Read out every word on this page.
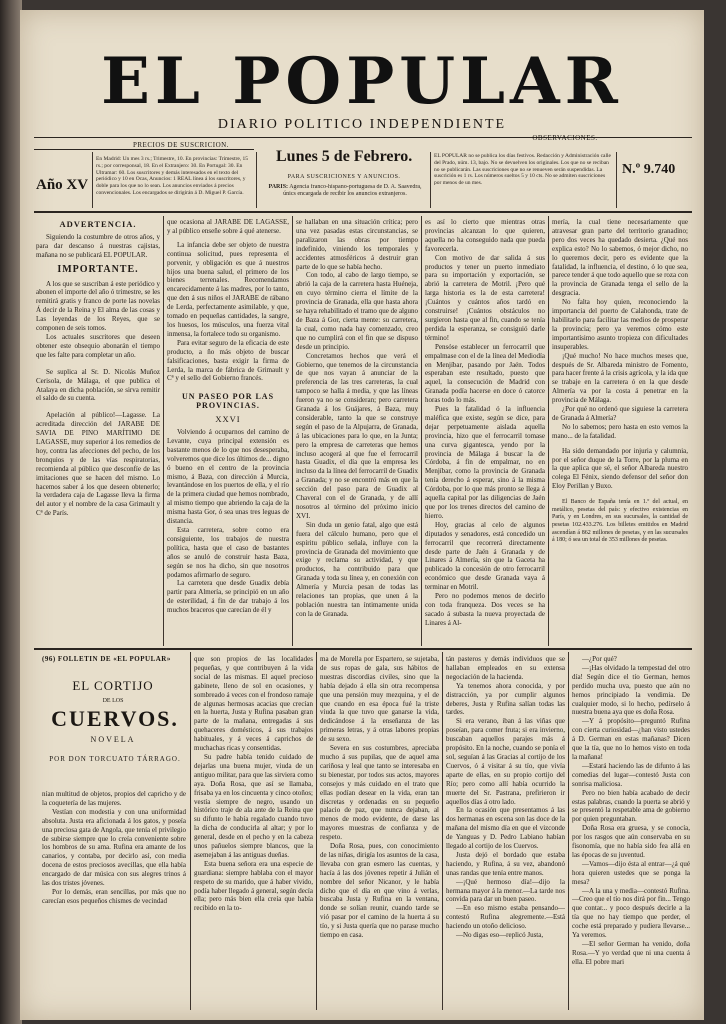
EL POPULAR
DIARIO POLITICO INDEPENDIENTE
PRECIOS DE SUSCRICION.
Lunes 5 de Febrero.
OBSERVACIONES.
Año XV
En Madrid: Un mes 3 rs.; Trimestre, 10. En provincias: Trimestre, 15 rs.; por corresponsal, 18. En el Extranjero: 30. En Portugal: 30. En Ultramar: 60. Los suscritores y demás interesados en el texto del periódico y 10 en Ocas, Anuncios: 1 REAL línea á los suscritores, y doble para los que no lo sean. Los anuncios enviados á precios convencionales. Los encargados se dirigirán á D. Miguel P. García.
PARA SUSCRICIONES Y ANUNCIOS.
PARIS: Agencia franco-hispano-portuguesa de D. A. Saavedra, únics encargada de recibir los anuncios extranjeros.
EL POPULAR no se publica los días festivos. Redacción y Administración calle del Prado, núm. 13, bajo. No se devuelven los originales. Los que no se reciban no se publicarán. Las suscriciones que no se renueven serán suspendidas. La suscrición es 1 rs. Los números sueltos 5 y 10 cts. No se admiten suscriciones por menos de un mes.
N.º 9.740
ADVERTENCIA.
Siguiendo la costumbre de otros años, y para dar descanso á nuestras cajistas, mañana no se publicará EL POPULAR.
IMPORTANTE.
A los que se suscriban á este periódico y abonen el importe del año ó trimestre, se les remitirá gratis y franco de porte las novelas Á decir de la Reina y El alma de las cosas y Las leyendas de los Reyes, que se componen de seis tomos.
Los actuales suscritores que deseen obtener este obsequio abonarán el tiempo que les falte para completar un año.
Se suplica al Sr. D. Nicolás Muñoz Cerisola, de Málaga, el que publica el Atalaya en dicha población, se sirva remitir el saldo de su cuenta.
Apelación al público!—Lagasse. La acreditada dirección del JARABE DE SAVIA DE PINO MARÍTIMO DE LAGASSE, muy superior á los remedios de hoy, contra las afecciones del pecho, de los bronquios y de las vías respiratorias, recomienda al público que desconfíe de las imitaciones que se hacen del mismo. Lo hacemos saber á los que deseen obtenerlo; la verdadera caja de Lagasse lleva la firma del autor y el nombre de la casa Grimault y Cª de París.
que ocasiona al JARABE DE LAGASSE, y al público enseñe sobre á qué atenerse.
La infancia debe ser objeto de nuestra continua solicitud, pues representa el porvenir, y obligación es que á nuestros hijos una buena salud, el primero de los bienes terrenales. Recomendamos encarecidamente á las madres, por lo tanto, que den á sus niños el JARABE de rábano de Lerda, perfectamente asimilable, y que, tomado en pequeñas cantidades, la sangre, los huesos, los músculos, una fuerza vital inmensa, la fortalece todo su organismo.
Para evitar seguro de la eficacia de este producto, a ño más objeto de buscar falsificaciones, basta exigir la firma de Lerda, la marca de fábrica de Grimault y Cª y el sello del Gobierno francés.
UN PASEO POR LAS PROVINCIAS.
XXVI
Volviendo á ocuparnos del camino de Levante, cuya principal extensión es bastante menos de lo que nos desesperaba, volveremos que dice los últimos de... digno ó bueno en el centro de la provincia mismo, á Baza, con dirección á Murcia, levantándose en los puertos de ella, y el río de la primera ciudad que hemos nombrado, al mismo tiempo que abriendo la caja de la misma hasta Gor, ó sea unas tres leguas de distancia.
Esta carretera, sobre como era consiguiente, los trabajos de nuestra política, hasta que el caso de bastantes años se anuló de construir hasta Baza, según se nos ha dicho, sin que nosotros podamos afirmarlo de seguro.
La carretera que desde Guadix debía partir para Almería, se principió en un año de esterilidad, á fin de dar trabajo á los muchos braceros que carecían de él y
se hallaban en una situación crítica; pero una vez pasadas estas circunstancias, se paralizaron las obras por tiempo indefinido, viniendo los temporales y accidentes atmosféricos á destruir gran parte de lo que se había hecho.
Con todo, al cabo de largo tiempo, se abrió la caja de la carretera hasta Huéneja, en cuyo término cierra el límite de la provincia de Granada, ella que hasta ahora se haya rehabilitado el tramo que de alguno de Baza á Gor, cierta mente: su carretera, la cual, como nada hay comenzado, creo que no cumplirá con el fin que se dispuso desde un principio.
Concretamos hechos que verá el Gobierno, que tenemos de la circunstancia de que nos vayan á anunciar de la preferencia de las tres carreteras, la cual tampoco se halla á media, y que las líneas fueron ya no se consideran; pero carretera Granada á los Guájares, á Baza, muy considerable, tanto la que se construye según el paso de la Alpujarra, de Granada, á las ubicaciones para lo que, en la Junta; pero la empresa de carreteras que hemos incluso acogerá al que fue el ferrocarril hasta Guadix, el día que la empresa les incluso da la línea del ferrocarril de Guadix a Granada; y no se encontró más en que la sección del paso para de Guadix al Chaveral con el de Granada, y de allí nosotros al término del próximo inicio XVI.
Sin duda un genio fatal, algo que está fuera del cálculo humano, pero que el espíritu público señala, influye con la provincia de Granada del movimiento que exige y reclama su actividad, y que productos, ha contribuido para que Granada y toda su línea y, en conexión con Almería y Murcia pesan de todas las relaciones tan propias, que unen á la población nuestra tan íntimamente unida con la de Granada.
es así lo cierto que mientras otras provincias alcanzan lo que quieren, aquella no ha conseguido nada que pueda favorecerla.
Con motivo de dar salida á sus productos y tener un puerto inmediato para su importación y exportación, se abrió la carretera de Motril. ¡Pero qué larga historia es la de esta carretera! ¡Cuántos y cuántos años tardó en construirse! ¡Cuántos obstáculos no surgieron hasta que al fin, cuando se tenía perdida la esperanza, se consiguió darle término!
Pensóse establecer un ferrocarril que empalmase con el de la línea del Mediodía en Menjíbar, pasando por Jaén. Todos esperaban este resultado, puesto que aquel, la consecución de Madrid con Granada podía hacerse en doce ó catorce horas todo lo más.
Pues la fatalidad ó la influencia maléfica que existe, según se dice, para dejar perpetuamente aislada aquella provincia, hizo que el ferrocarril tomase una curva gigantesca, yendo por la provincia de Málaga á buscar la de Córdoba, á fin de empalmar, no en Menjíbar, como la provincia de Granada tenía derecho á esperar, sino á la misma Córdoba, por lo que más pronto se llega á aquella capital por las diligencias de Jaén que por los trenes directos del camino de hierro.
Hoy, gracias al celo de algunos diputados y senadores, está concedido un ferrocarril que recorrerá directamente desde parte de Jaén á Granada y de Linares á Almería, sin que la Gaceta ha publicado la concesión de otro ferrocarril económico que desde Granada vaya á terminar en Motril.
Pero no podemos menos de decirlo con toda franqueza. Dos veces se ha sacado á subasta la nueva proyectada de Linares á Al-
mería, la cual tiene necesariamente que atravesar gran parte del territorio granadino; pero dos veces ha quedado desierta. ¿Qué nos explica esto? No lo sabemos, ó mejor dicho, no lo queremos decir, pero es evidente que la fatalidad, la influencia, el destino, ó lo que sea, parece tender á que todo aquello que se roza con la provincia de Granada tenga el sello de la desgracia.
No falta hoy quien, reconociendo la importancia del puerto de Calahonda, trate de habilitarlo para facilitar las medios de prosperar la provincia; pero ya veremos cómo este importantísimo asunto tropieza con dificultades insuperables.
¡Qué mucho! No hace muchos meses que, después de Sr. Albareda ministro de Fomento, para hacer frente á la crisis agrícola, y la ida que se trabaje en la carretera ó en la que desde Almería va por la costa á penetrar en la provincia de Málaga.
¿Por qué no ordenó que siguiese la carretera de Granada á Almería?
No lo sabemos; pero hasta en esto vemos la mano... de la fatalidad.
Ha sido demandado por injuria y calumnia, por el señor duque de la Torre, por la pluma en la que aplica que sé, el señor Albareda nuestro colega El Fénix, siendo defensor del señor don Eloy Perillan y Buxo.
El Banco de España tenía en 1.º del actual, en metálico, pesetas del país: y efectivo existencias en París, y en Londres, en sus sucursales, la cantidad de pesetas 102.433.276. Los billetes emitidos en Madrid ascendían á 862 millones de pesetas, y en las sucursales á 180; ó sea un total de 353 millones de pesetas.
(96) FOLLETIN DE «EL POPULAR»
EL CORTIJO
DE LOS
CUERVOS.
NOVELA
POR DON TORCUATO TÁRRAGO.
nían multitud de objetos, propios del capricho y de la coquetería de las mujeres.
Vestían con modestia y con una uniformidad absoluta. Justa era aficionada á los gatos, y poseía una preciosa gata de Angola, que tenía el privilegio de subirse siempre que lo creía conveniente sobre los hombros de su ama. Rufina era amante de los canarios, y contaba, por decirlo así, con media docena de estos preciosos avecillas, que ella había encargado de dar música con sus alegres trinos á las dos tristes jóvenes.
Por lo demás, eran sencillas, por más que no carecían esos pequeños chismes de vecindad
que son propios de las localidades pequeñas, y que contribuyen á la vida social de las mismas. El aquel precioso gabinete, lleno de sol en ocasiones, y sombreado á veces con el frondoso ramaje de algunas hermosas acacias que crecían en la huerta, Justa y Rufina pasaban gran parte de la mañana, entregadas á sus quehaceres domésticos, á sus trabajos habituales, y á veces á caprichos de muchachas ricas y consentidas.
Su padre había tenido cuidado de dejarlas una buena mujer, viuda de un antiguo militar, para que las sirviera como aya. Doña Rosa, que así se llamaba, frisaba ya en los cincuenta y cinco otoños; vestía siempre de negro, usando un histórico traje de ala ante de la Reina que su difunto le había regalado cuando tuvo la dicha de conducirla al altar; y por lo general, desde en el pecho y en la cabeza unos pañuelos siempre blancos, que la asemejaban á las antiguas dueñas.
Esta buena señora era una especie de guardiana: siempre hablaba con el mayor respeto de su marido, que á haber vivido, podía haber llegado á general, según decía ella; pero más bien ella creía que había recibido en la to-
ma de Morella por Espartero, se sujetaba, de sus ropas de gala, sus hábitos de nuestras discordias civiles, sino que la había dejado á ella sin otra recompensa que una pensión muy mezquina, y el de que cuando en esa época fué la triste viuda la que tuvo que ganarse la vida, dedicándose á la enseñanza de las primeras letras, y á otras labores propias de su sexo.
Severa en sus costumbres, apreciaba mucho á sus pupilas, que de aquel ama cariñosa y leal que tanto se interesaba en su bienestar, por todos sus actos, mayores consejos y más cuidado en el trato que ellas podían desear en la vida, eran tan discretas y ordenadas en su pequeño palacio de paz, que nunca dejaban, al menos de modo evidente, de darse las mayores muestras de confianza y de respeto.
Doña Rosa, pues, con conocimiento de las niñas, dirigía los asuntos de la casa, llevaba con gran esmero las cuentas, y hacía á las dos jóvenes repetir á Julián el nombre del señor Nicanor, y le había dicho que el día en que vino á verlas, buscaba Justa y Rufina en la ventana, donde se solían reunir, cuando tarde se vió pasar por el camino de la huerta á su tío, y si Justa quería que no parase mucho tiempo en casa.
tán pasteros y demás individuos que se hallaban empleados en su extensa negociación de la hacienda.
Ya tenemos ahora conocida, y por distracción, ya por cumplir algunos deberes, Justa y Rufina salían todas las tardes.
Si era verano, iban á las viñas que poseían, para comer fruta; si era invierno, buscaban aquellos parajes más á propósito. En la noche, cuando se ponía el sol, seguían á las Gracias al cortijo de los Cuervos, ó á visitar á su tío, que vivía aparte de ellas, en su propio cortijo del Río; pero como allí había ocurrido la muerte del Sr. Pastrana, prefirieron ir aquellos días á otro lado.
En la ocasión que presentamos á las dos hermanas en escena son las doce de la mañana del mismo día en que el vizconde de Yanguas y D. Pedro Labiano habían llegado al cortijo de los Cuervos.
Justa dejó el bordado que estaba haciendo, y Rufina, á su vez, abandonó unas randas que tenía entre manos.
—¡Qué hermoso día!—dijo la hermana mayor á la menor.—La tarde nos convida para dar un buen paseo.
—En eso mismo estaba pensando—contestó Rufina alegremente.—Está haciendo un otoño delicioso.
—No digas eso—replicó Justa,
—¿Por qué?
—¡Has olvidado la tempestad del otro día! Según dice el tío German, hemos perdido mucha uva, puesto que aún no hemos principiado la vendimia. De cualquier modo, si lo hecho, pedírselo á nuestra buena aya que es doña Rosa.
—Y á propósito—preguntó Rufina con cierta curiosidad—¿han visto ustedes á D. German en estas mañanas? Dicen que la tía, que no lo hemos visto en toda la mañana!
—Estará haciendo las de difunto á las comedias del lugar—contestó Justa con sonrisa maliciosa.
Pero no bien había acabado de decir estas palabras, cuando la puerta se abrió y se presentó la respetable ama de gobierno por quien preguntaban.
Doña Rosa era gruesa, y se conocía, por los rasgos que aún conservaba en su fisonomía, que no había sido fea allá en las épocas de su juventud.
—Vamos—dijo ésta al entrar—¿á qué hora quieren ustedes que se ponga la mesa?
—A la una y media—contestó Rufina.—Creo que el tío nos dirá por fin... Tengo que contar... y poco después decirle a la tía que no hay tiempo que perder, el coche está preparado y pudiera llevarse... Ya veremos.
—El señor German ha venido, doña Rosa.—Y yo verdad que ni una cuenta á ella. El pobre mari
